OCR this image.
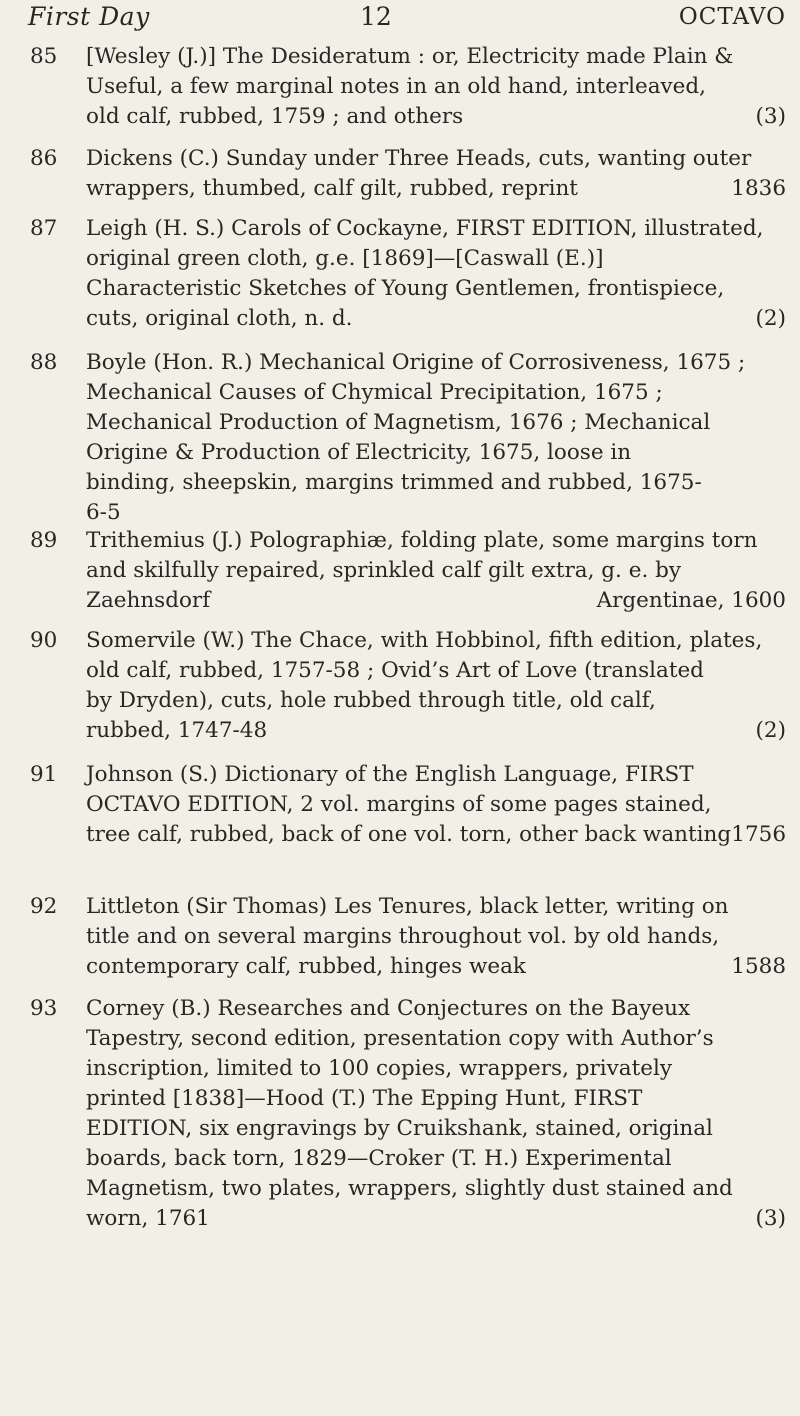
First Day	12	OCTAVO
85	[Wesley (J.)] The Desideratum : or, Electricity made Plain &
Useful, a few marginal notes in an old hand, interleaved,
old calf, rubbed, 1759 ; and others	(3)
86	Dickens (C.) Sunday under Three Heads, cuts, wanting outer
wrappers, thumbed, calf gilt, rubbed, reprint	1836
87	Leigh (H. S.) Carols of Cockayne, FIRST EDITION, illustrated,
original green cloth, g.e. [1869]—[Caswall (E.)]
Characteristic Sketches of Young Gentlemen, frontispiece,
cuts, original cloth, n. d.	(2)
88	Boyle (Hon. R.) Mechanical Origine of Corrosiveness, 1675 ;
Mechanical Causes of Chymical Precipitation, 1675 ;
Mechanical Production of Magnetism, 1676 ; Mechanical
Origine & Production of Electricity, 1675, loose in
binding, sheepskin, margins trimmed and rubbed, 1675-
6-5
89	Trithemius (J.) Polographiæ, folding plate, some margins torn
and skilfully repaired, sprinkled calf gilt extra, g. e. by
Zaehnsdorf	Argentinae, 1600
90	Somervile (W.) The Chace, with Hobbinol, fifth edition, plates,
old calf, rubbed, 1757-58 ; Ovid’s Art of Love (translated
by Dryden), cuts, hole rubbed through title, old calf,
rubbed, 1747-48	(2)
91	Johnson (S.) Dictionary of the English Language, FIRST
OCTAVO EDITION, 2 vol. margins of some pages stained,
tree calf, rubbed, back of one vol. torn, other back wanting 1756
92	Littleton (Sir Thomas) Les Tenures, black letter, writing on
title and on several margins throughout vol. by old hands,
contemporary calf, rubbed, hinges weak	1588
93	Corney (B.) Researches and Conjectures on the Bayeux
Tapestry, second edition, presentation copy with Author’s
inscription, limited to 100 copies, wrappers, privately
printed [1838]—Hood (T.) The Epping Hunt, FIRST
EDITION, six engravings by Cruikshank, stained, original
boards, back torn, 1829—Croker (T. H.) Experimental
Magnetism, two plates, wrappers, slightly dust stained and
worn, 1761	(3)
